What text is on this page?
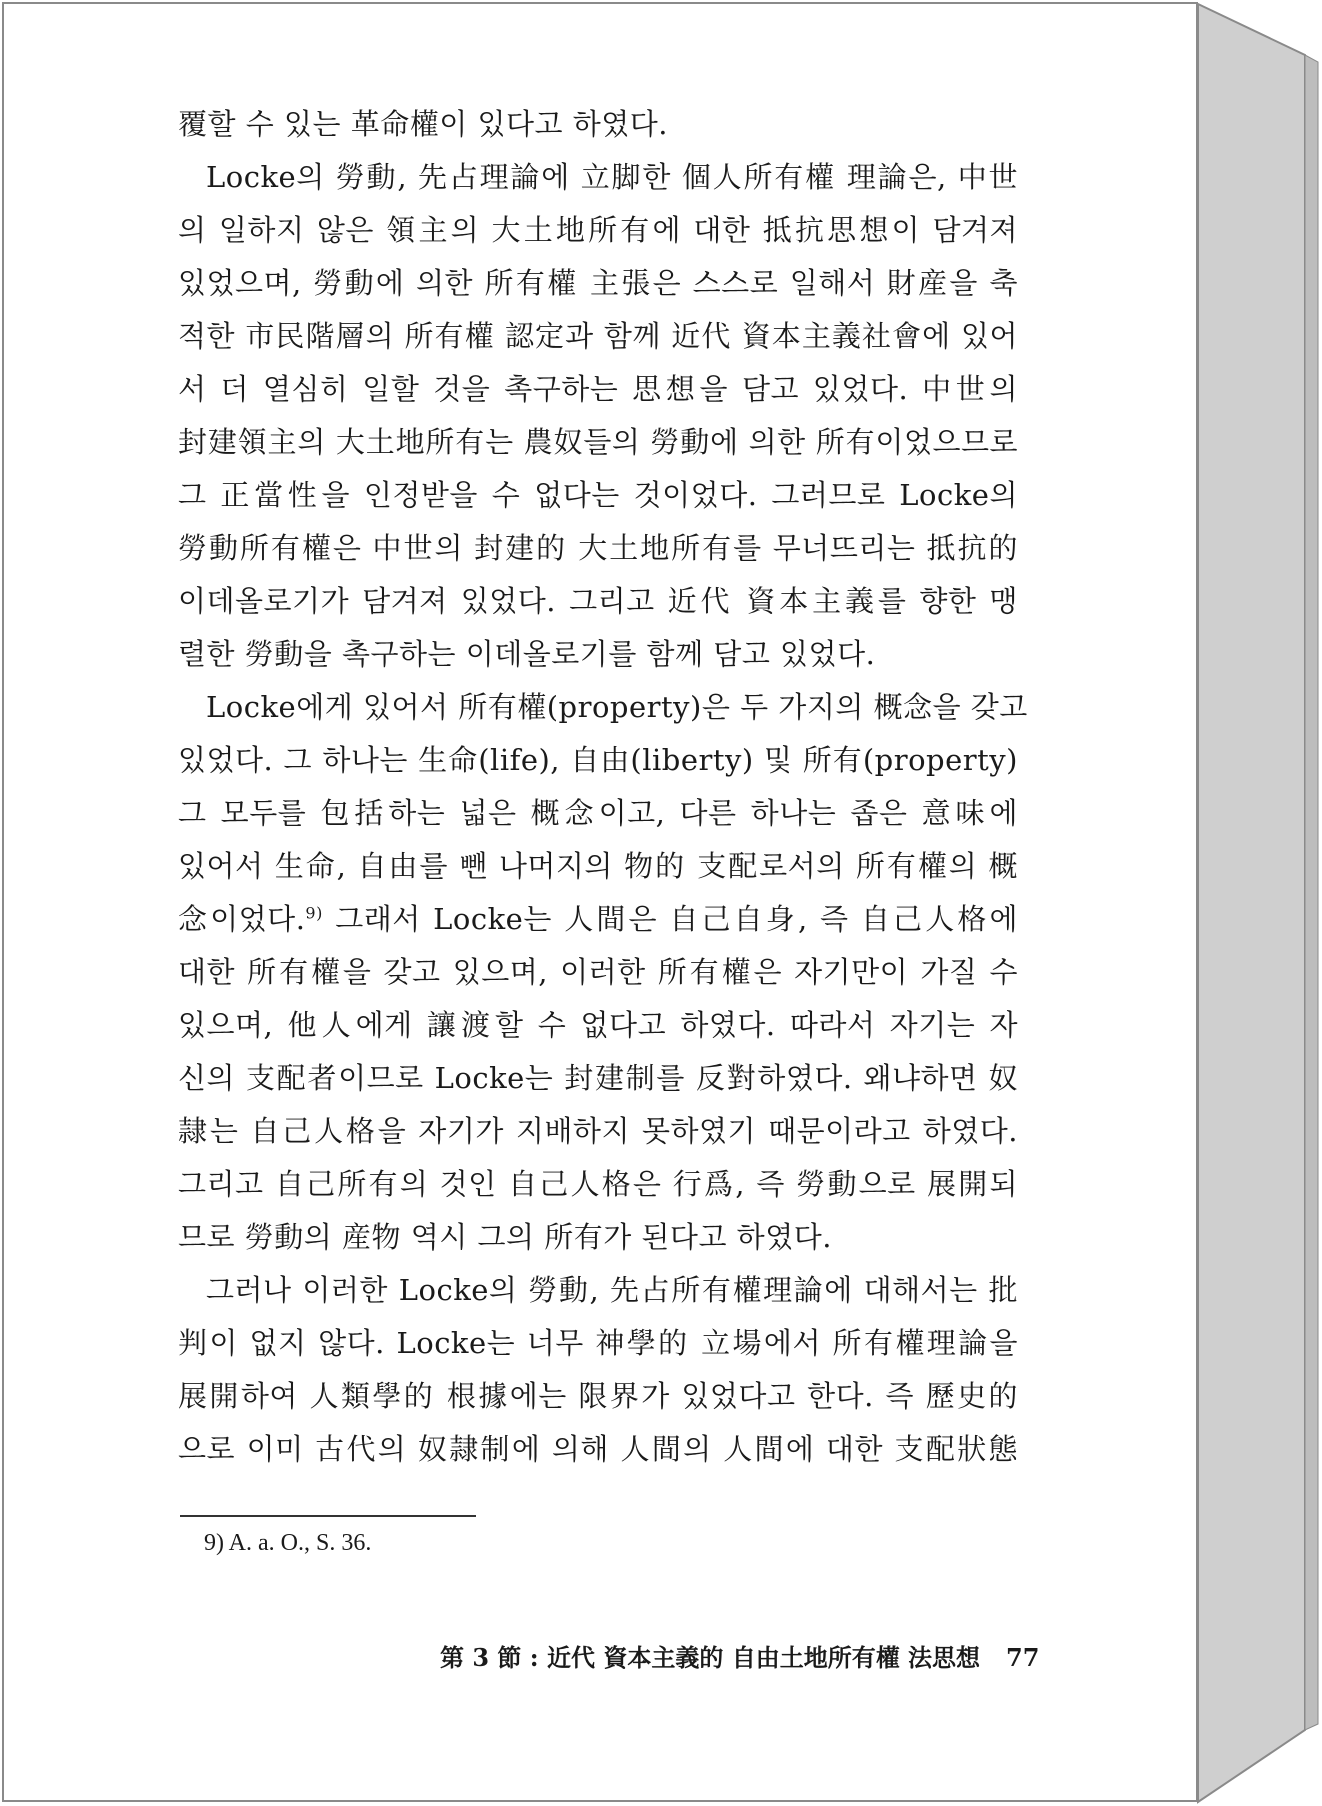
覆할 수 있는 革命權이 있다고 하였다.
Locke의 勞動, 先占理論에 立脚한 個人所有權 理論은, 中世
의 일하지 않은 領主의 大土地所有에 대한 抵抗思想이 담겨져
있었으며, 勞動에 의한 所有權 主張은 스스로 일해서 財産을 축
적한 市民階層의 所有權 認定과 함께 近代 資本主義社會에 있어
서 더 열심히 일할 것을 촉구하는 思想을 담고 있었다. 中世의
封建領主의 大土地所有는 農奴들의 勞動에 의한 所有이었으므로
그 正當性을 인정받을 수 없다는 것이었다. 그러므로 Locke의
勞動所有權은 中世의 封建的 大土地所有를 무너뜨리는 抵抗的
이데올로기가 담겨져 있었다. 그리고 近代 資本主義를 향한 맹
렬한 勞動을 촉구하는 이데올로기를 함께 담고 있었다.
Locke에게 있어서 所有權(property)은 두 가지의 概念을 갖고
있었다. 그 하나는 生命(life), 自由(liberty) 및 所有(property)
그 모두를 包括하는 넓은 概念이고, 다른 하나는 좁은 意味에
있어서 生命, 自由를 뺀 나머지의 物的 支配로서의 所有權의 概
念이었다.$^{9)}$ 그래서 Locke는 人間은 自己自身, 즉 自己人格에
대한 所有權을 갖고 있으며, 이러한 所有權은 자기만이 가질 수
있으며, 他人에게 讓渡할 수 없다고 하였다. 따라서 자기는 자
신의 支配者이므로 Locke는 封建制를 反對하였다. 왜냐하면 奴
隷는 自己人格을 자기가 지배하지 못하였기 때문이라고 하였다.
그리고 自己所有의 것인 自己人格은 行爲, 즉 勞動으로 展開되
므로 勞動의 産物 역시 그의 所有가 된다고 하였다.
그러나 이러한 Locke의 勞動, 先占所有權理論에 대해서는 批
判이 없지 않다. Locke는 너무 神學的 立場에서 所有權理論을
展開하여 人類學的 根據에는 限界가 있었다고 한다. 즉 歷史的
으로 이미 古代의 奴隷制에 의해 人間의 人間에 대한 支配狀態
9) A. a. O., S. 36.
第 3 節 : 近代 資本主義的 自由土地所有權 法思想 77
